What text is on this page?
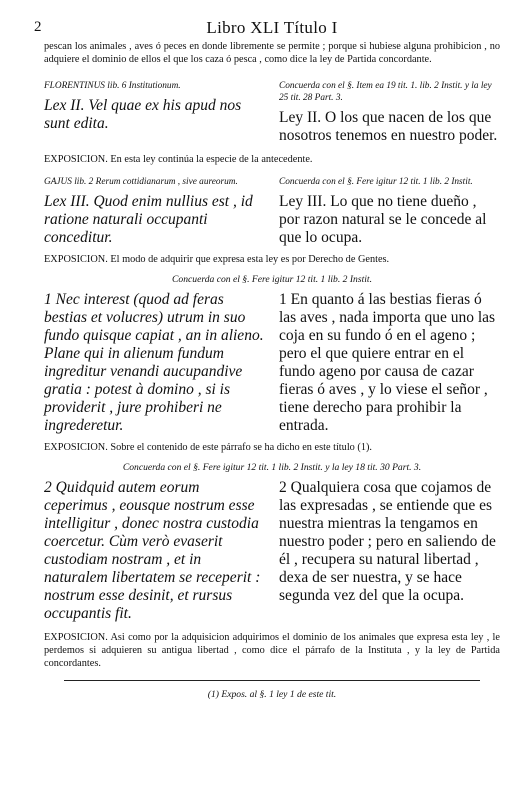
2	Libro XLI Título I

pescan los animales , aves ó peces en donde libremente se permite ; porque si hubiese alguna prohibicion , no adquiere el dominio de ellos el que los caza ó pesca , como dice la ley de Partida concordante.

FLORENTINUS lib. 6 Institutionum.
Lex II. Vel quae ex his apud nos sunt edita.
Concuerda con el §. Item ea 19 tit. 1. lib. 2 Instit. y la ley 25 tit. 28 Part. 3.
Ley II. O los que nacen de los que nosotros tenemos en nuestro poder.
EXPOSICION. En esta ley continúa la especie de la antecedente.
GAJUS lib. 2 Rerum cottidianarum , sive aureorum.
Lex III. Quod enim nullius est , id ratione naturali occupanti conceditur.
Concuerda con el §. Fere igitur 12 tit. 1 lib. 2 Instit.
Ley III. Lo que no tiene dueño , por razon natural se le concede al que lo ocupa.
EXPOSICION. El modo de adquirir que expresa esta ley es por Derecho de Gentes.
Concuerda con el §. Fere igitur 12 tit. 1 lib. 2 Instit.
1 Nec interest (quod ad feras bestias et volucres) utrum in suo fundo quisque capiat , an in alieno. Plane qui in alienum fundum ingreditur venandi aucupandive gratia : potest à domino , si is providerit , jure prohiberi ne ingrederetur.
1 En quanto á las bestias fieras ó las aves , nada importa que uno las coja en su fundo ó en el ageno ; pero el que quiere entrar en el fundo ageno por causa de cazar fieras ó aves , y lo viese el señor , tiene derecho para prohibir la entrada.
EXPOSICION. Sobre el contenido de este párrafo se ha dicho en este título (1).
Concuerda con el §. Fere igitur 12 tit. 1 lib. 2 Instit. y la ley 18 tit. 30 Part. 3.
2 Quidquid autem eorum ceperimus , eousque nostrum esse intelligitur , donec nostra custodia coercetur. Cùm verò evaserit custodiam nostram , et in naturalem libertatem se receperit : nostrum esse desinit, et rursus occupantis fit.
2 Qualquiera cosa que cojamos de las expresadas , se entiende que es nuestra mientras la tengamos en nuestro poder ; pero en saliendo de él , recupera su natural libertad , dexa de ser nuestra, y se hace segunda vez del que la ocupa.

EXPOSICION. Asi como por la adquisicion adquirimos el dominio de los animales que expresa esta ley , le perdemos si adquieren su antigua libertad , como dice el párrafo de la Instituta , y la ley de Partida concordantes.

(1) Expos. al §. 1 ley 1 de este tit.
